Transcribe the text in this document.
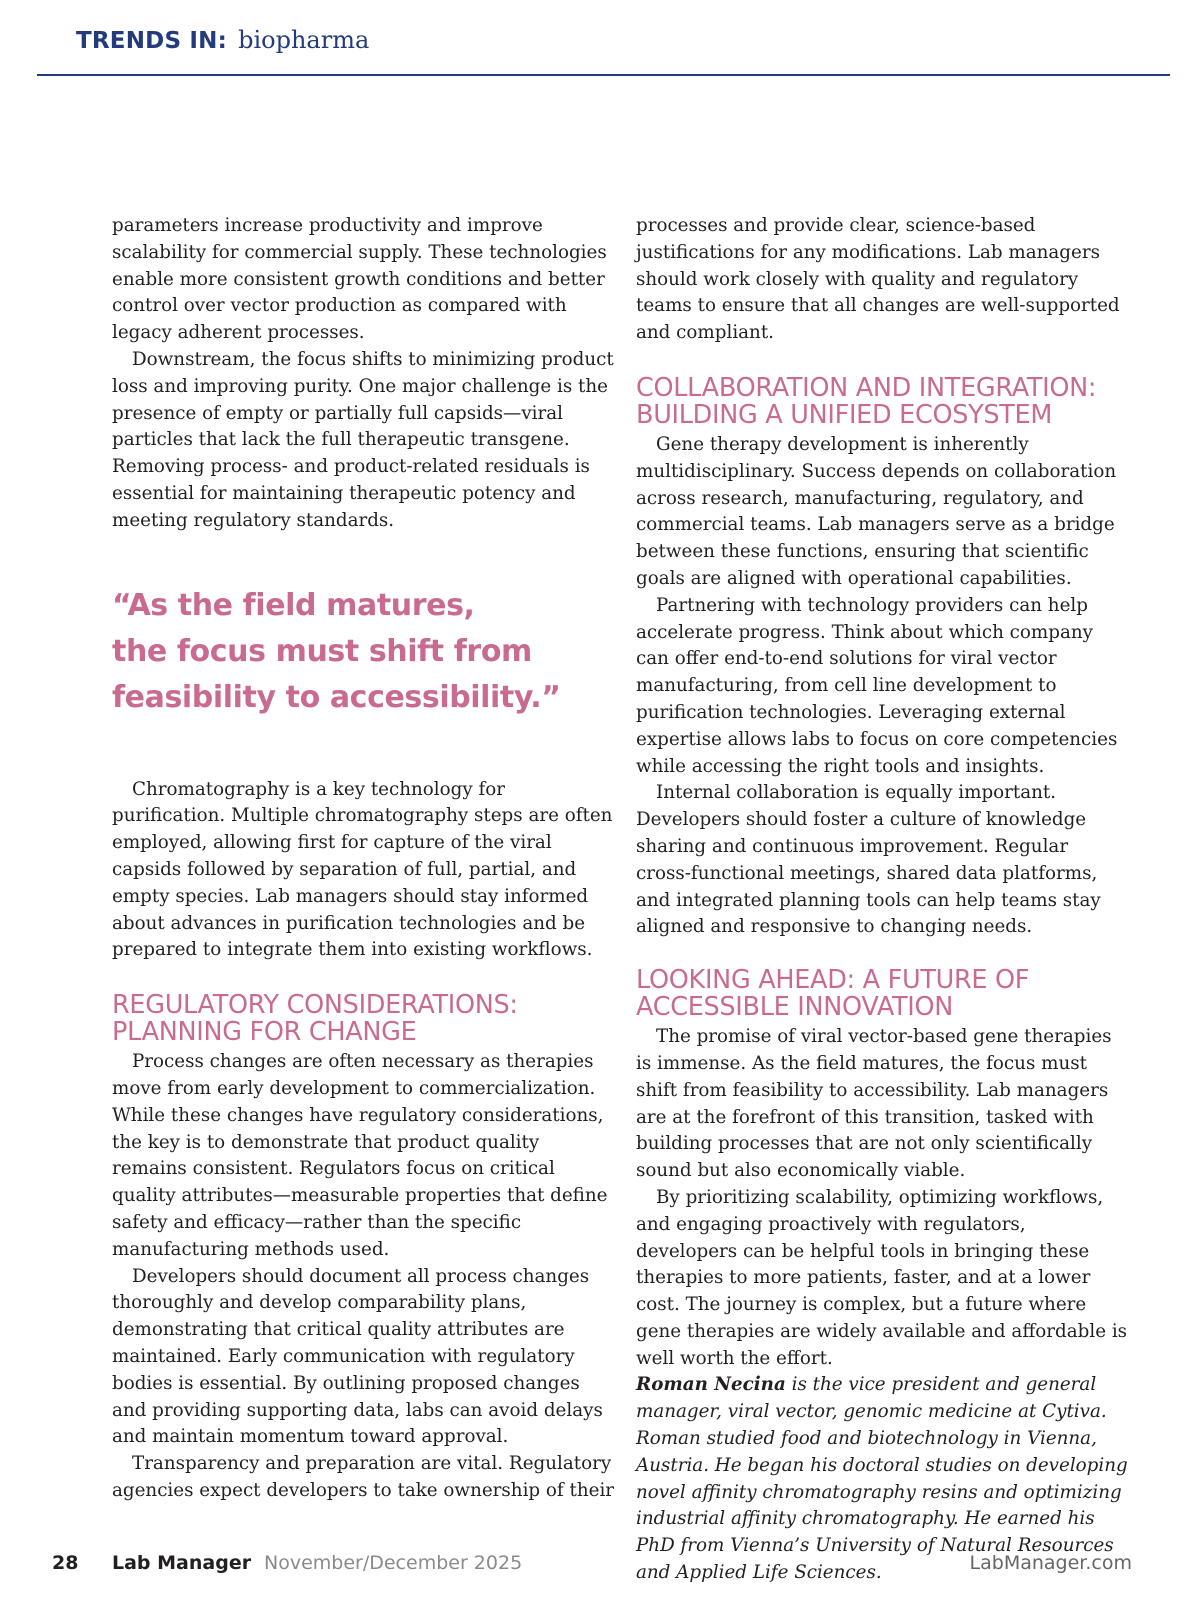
TRENDS IN: biopharma

parameters increase productivity and improve scalability for commercial supply. These technologies enable more consistent growth conditions and better control over vector production as compared with legacy adherent processes.

Downstream, the focus shifts to minimizing product loss and improving purity. One major challenge is the presence of empty or partially full capsids—viral particles that lack the full therapeutic transgene. Removing process- and product-related residuals is essential for maintaining therapeutic potency and meeting regulatory standards.

“As the field matures,
the focus must shift from
feasibility to accessibility.”

Chromatography is a key technology for purification. Multiple chromatography steps are often employed, allowing first for capture of the viral capsids followed by separation of full, partial, and empty species. Lab managers should stay informed about advances in purification technologies and be prepared to integrate them into existing workflows.

REGULATORY CONSIDERATIONS:
PLANNING FOR CHANGE

Process changes are often necessary as therapies move from early development to commercialization. While these changes have regulatory considerations, the key is to demonstrate that product quality remains consistent. Regulators focus on critical quality attributes—measurable properties that define safety and efficacy—rather than the specific manufacturing methods used.

Developers should document all process changes thoroughly and develop comparability plans, demonstrating that critical quality attributes are maintained. Early communication with regulatory bodies is essential. By outlining proposed changes and providing supporting data, labs can avoid delays and maintain momentum toward approval.

Transparency and preparation are vital. Regulatory agencies expect developers to take ownership of their

processes and provide clear, science-based justifications for any modifications. Lab managers should work closely with quality and regulatory teams to ensure that all changes are well-supported and compliant.

COLLABORATION AND INTEGRATION:
BUILDING A UNIFIED ECOSYSTEM

Gene therapy development is inherently multidisciplinary. Success depends on collaboration across research, manufacturing, regulatory, and commercial teams. Lab managers serve as a bridge between these functions, ensuring that scientific goals are aligned with operational capabilities.

Partnering with technology providers can help accelerate progress. Think about which company can offer end-to-end solutions for viral vector manufacturing, from cell line development to purification technologies. Leveraging external expertise allows labs to focus on core competencies while accessing the right tools and insights.

Internal collaboration is equally important. Developers should foster a culture of knowledge sharing and continuous improvement. Regular cross-functional meetings, shared data platforms, and integrated planning tools can help teams stay aligned and responsive to changing needs.

LOOKING AHEAD: A FUTURE OF
ACCESSIBLE INNOVATION

The promise of viral vector-based gene therapies is immense. As the field matures, the focus must shift from feasibility to accessibility. Lab managers are at the forefront of this transition, tasked with building processes that are not only scientifically sound but also economically viable.

By prioritizing scalability, optimizing workflows, and engaging proactively with regulators, developers can be helpful tools in bringing these therapies to more patients, faster, and at a lower cost. The journey is complex, but a future where gene therapies are widely available and affordable is well worth the effort.

Roman Necina is the vice president and general manager, viral vector, genomic medicine at Cytiva. Roman studied food and biotechnology in Vienna, Austria. He began his doctoral studies on developing novel affinity chromatography resins and optimizing industrial affinity chromatography. He earned his PhD from Vienna’s University of Natural Resources and Applied Life Sciences.

28 Lab Manager November/December 2025	LabManager.com
